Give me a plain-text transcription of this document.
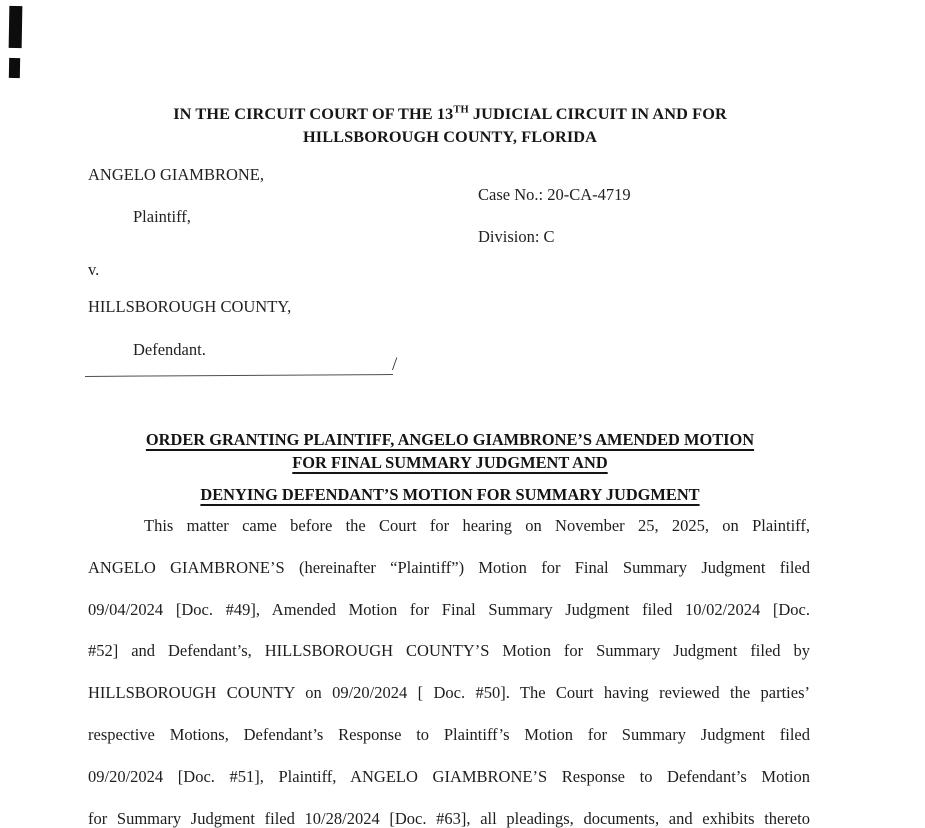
IN THE CIRCUIT COURT OF THE 13TH JUDICIAL CIRCUIT IN AND FOR
HILLSBOROUGH COUNTY, FLORIDA
ANGELO GIAMBRONE,
Case No.: 20-CA-4719
Plaintiff,
Division: C
v.
HILLSBOROUGH COUNTY,
Defendant.
/
ORDER GRANTING PLAINTIFF, ANGELO GIAMBRONE’S AMENDED MOTION
FOR FINAL SUMMARY JUDGMENT AND
DENYING DEFENDANT’S MOTION FOR SUMMARY JUDGMENT
This matter came before the Court for hearing on November 25, 2025, on Plaintiff,
ANGELO GIAMBRONE’S (hereinafter “Plaintiff”) Motion for Final Summary Judgment filed
09/04/2024 [Doc. #49], Amended Motion for Final Summary Judgment filed 10/02/2024 [Doc.
#52] and Defendant’s, HILLSBOROUGH COUNTY’S Motion for Summary Judgment filed by
HILLSBOROUGH COUNTY on 09/20/2024 [ Doc. #50]. The Court having reviewed the parties’
respective Motions, Defendant’s Response to Plaintiff’s Motion for Summary Judgment filed
09/20/2024 [Doc. #51], Plaintiff, ANGELO GIAMBRONE’S Response to Defendant’s Motion
for Summary Judgment filed 10/28/2024 [Doc. #63], all pleadings, documents, and exhibits thereto
